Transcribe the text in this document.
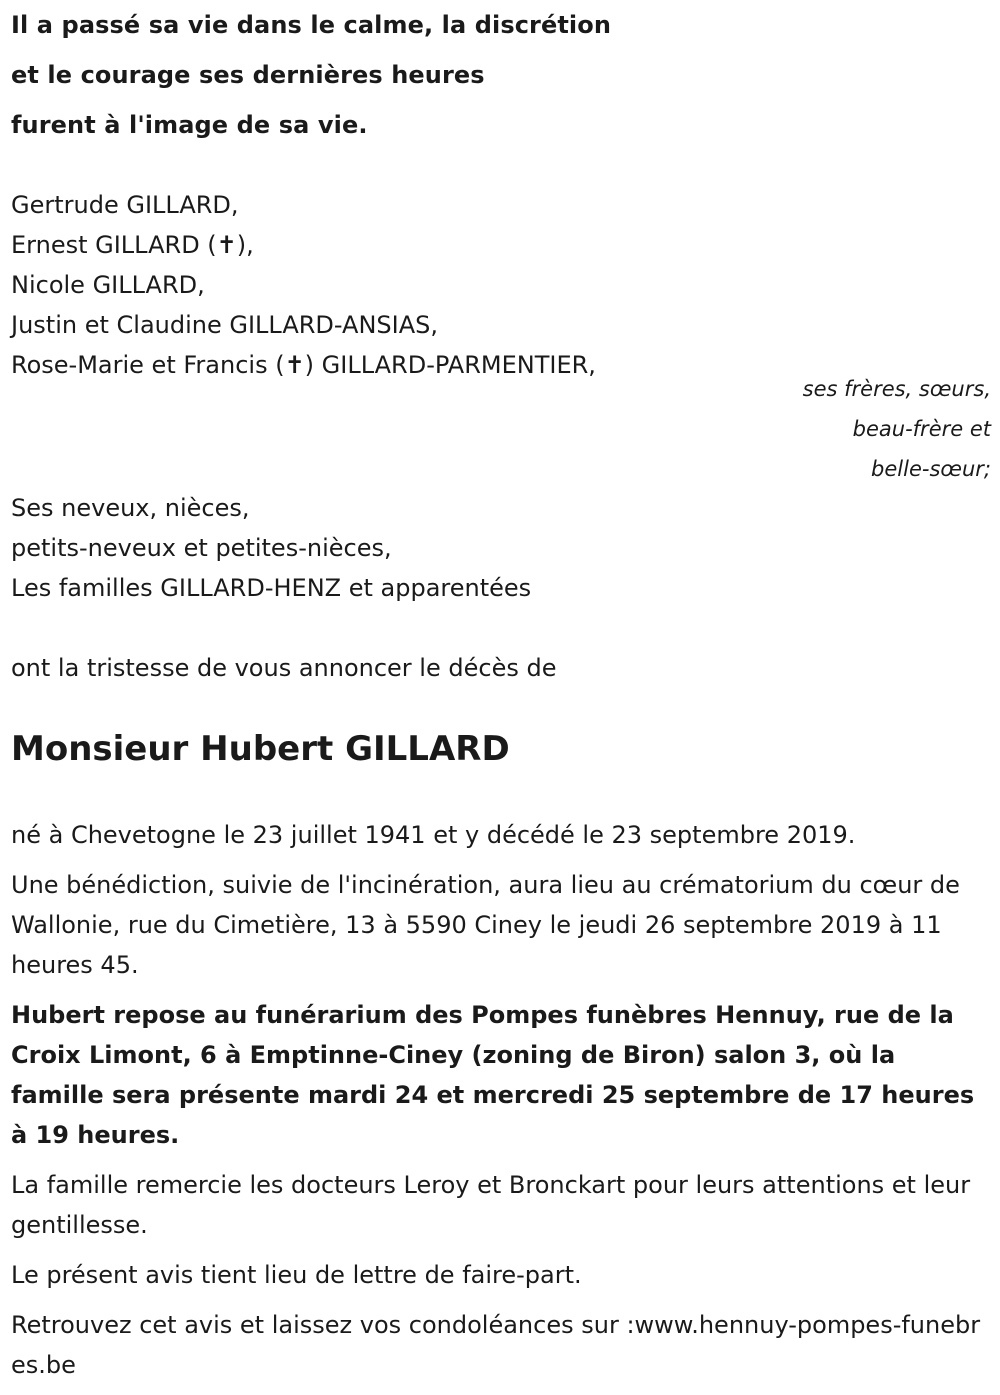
Il a passé sa vie dans le calme, la discrétion
et le courage ses dernières heures
furent à l'image de sa vie.
Gertrude GILLARD,
Ernest GILLARD (✝),
Nicole GILLARD,
Justin et Claudine GILLARD-ANSIAS,
Rose-Marie et Francis (✝) GILLARD-PARMENTIER,
ses frères, sœurs,
beau-frère et
belle-sœur;
Ses neveux, nièces,
petits-neveux et petites-nièces,
Les familles GILLARD-HENZ et apparentées
ont la tristesse de vous annoncer le décès de
Monsieur Hubert GILLARD

né à Chevetogne le 23 juillet 1941 et y décédé le 23 septembre 2019.

Une bénédiction, suivie de l'incinération, aura lieu au crématorium du cœur de Wallonie, rue du Cimetière, 13 à 5590 Ciney le jeudi 26 septembre 2019 à 11 heures 45.

Hubert repose au funérarium des Pompes funèbres Hennuy, rue de la Croix Limont, 6 à Emptinne-Ciney (zoning de Biron) salon 3, où la famille sera présente mardi 24 et mercredi 25 septembre de 17 heures à 19 heures.

La famille remercie les docteurs Leroy et Bronckart pour leurs attentions et leur gentillesse.

Le présent avis tient lieu de lettre de faire-part.

Retrouvez cet avis et laissez vos condoléances sur :www.hennuy-pompes-funebres.be
